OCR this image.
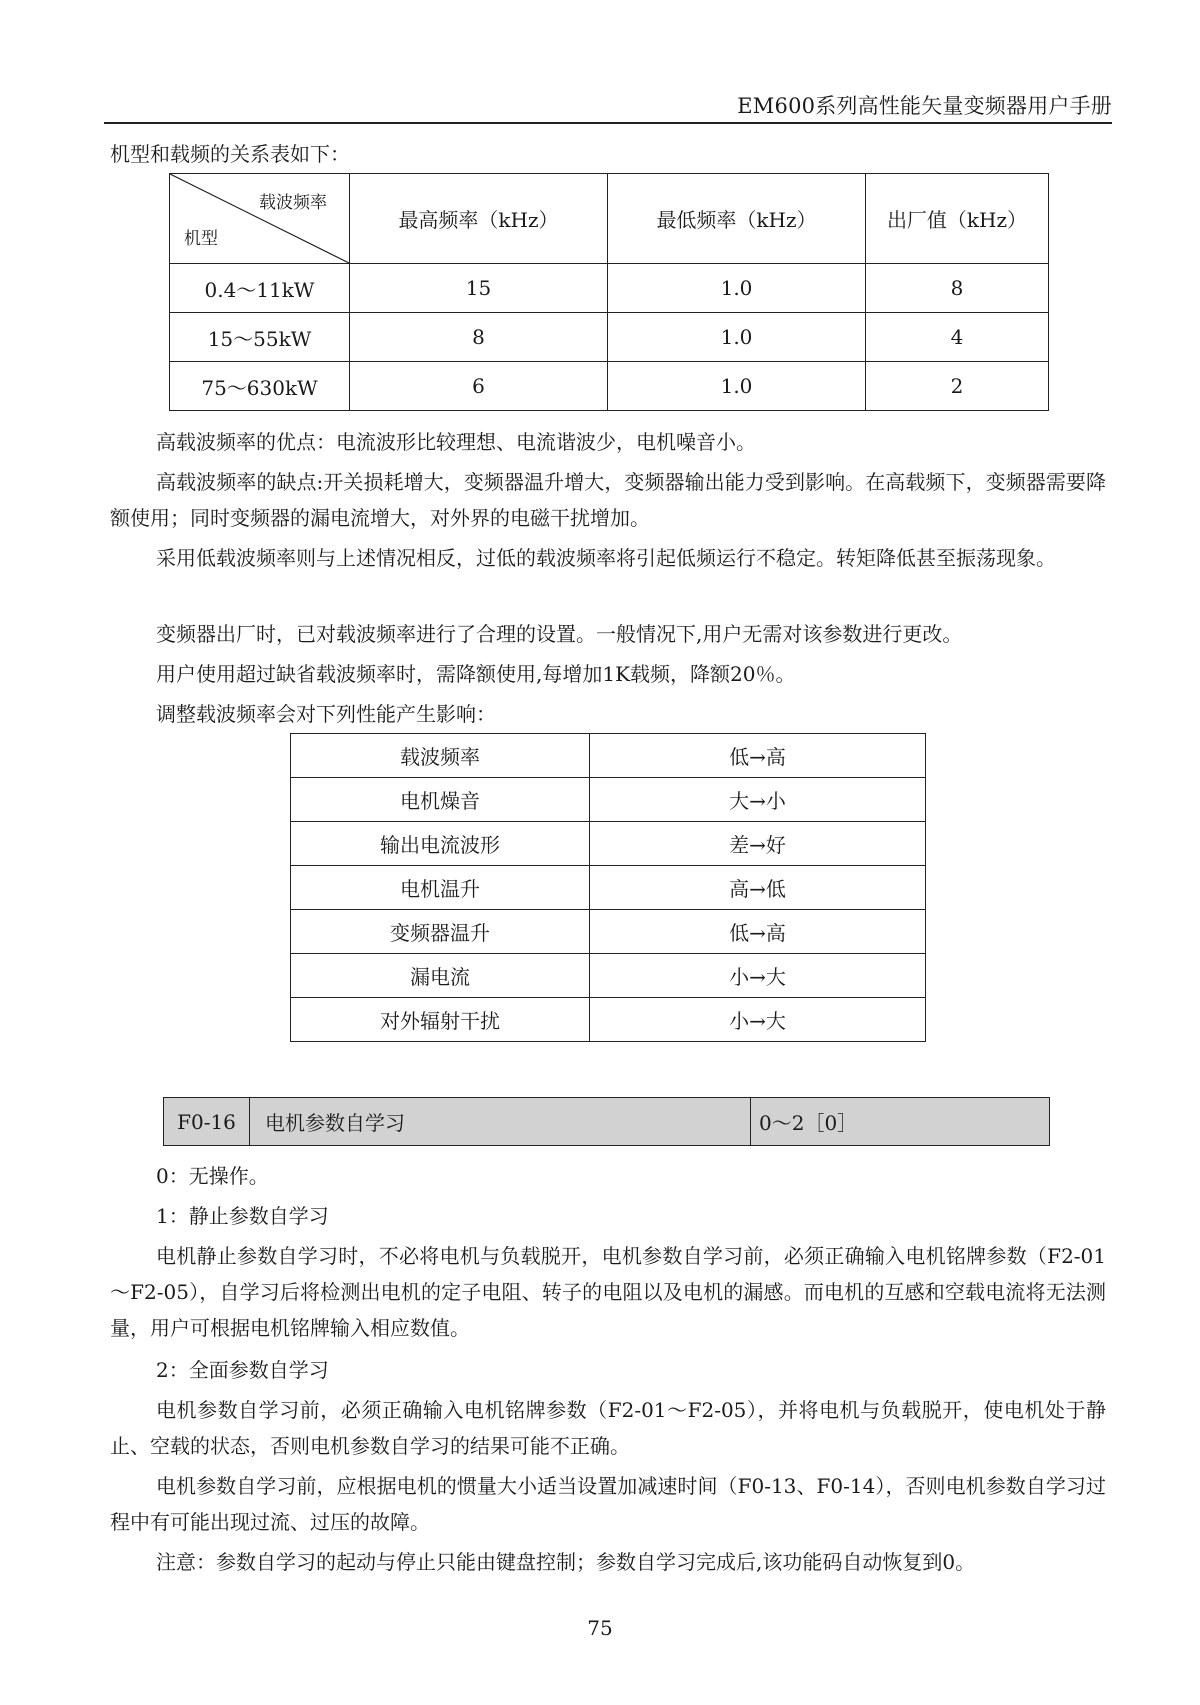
EM600系列高性能矢量变频器用户手册
机型和载频的关系表如下：
载波频率
机型	最高频率（kHz）	最低频率（kHz）	出厂值（kHz）
0.4～11kW	15	1.0	8
15～55kW	8	1.0	4
75～630kW	6	1.0	2
高载波频率的优点：电流波形比较理想、电流谐波少，电机噪音小。
高载波频率的缺点:开关损耗增大，变频器温升增大，变频器输出能力受到影响。在高载频下，变频器需要降额使用；同时变频器的漏电流增大，对外界的电磁干扰增加。
采用低载波频率则与上述情况相反，过低的载波频率将引起低频运行不稳定。转矩降低甚至振荡现象。
变频器出厂时，已对载波频率进行了合理的设置。一般情况下,用户无需对该参数进行更改。
用户使用超过缺省载波频率时，需降额使用,每增加1K载频，降额20％。
调整载波频率会对下列性能产生影响：
载波频率	低→高
电机燥音	大→小
输出电流波形	差→好
电机温升	高→低
变频器温升	低→高
漏电流	小→大
对外辐射干扰	小→大
F0-16	电机参数自学习	0～2［0］
0：无操作。
1：静止参数自学习
电机静止参数自学习时，不必将电机与负载脱开，电机参数自学习前，必须正确输入电机铭牌参数（F2-01～F2-05），自学习后将检测出电机的定子电阻、转子的电阻以及电机的漏感。而电机的互感和空载电流将无法测量，用户可根据电机铭牌输入相应数值。
2：全面参数自学习
电机参数自学习前，必须正确输入电机铭牌参数（F2-01～F2-05），并将电机与负载脱开，使电机处于静止、空载的状态，否则电机参数自学习的结果可能不正确。
电机参数自学习前，应根据电机的惯量大小适当设置加减速时间（F0-13、F0-14），否则电机参数自学习过程中有可能出现过流、过压的故障。
注意：参数自学习的起动与停止只能由键盘控制；参数自学习完成后,该功能码自动恢复到0。
75
